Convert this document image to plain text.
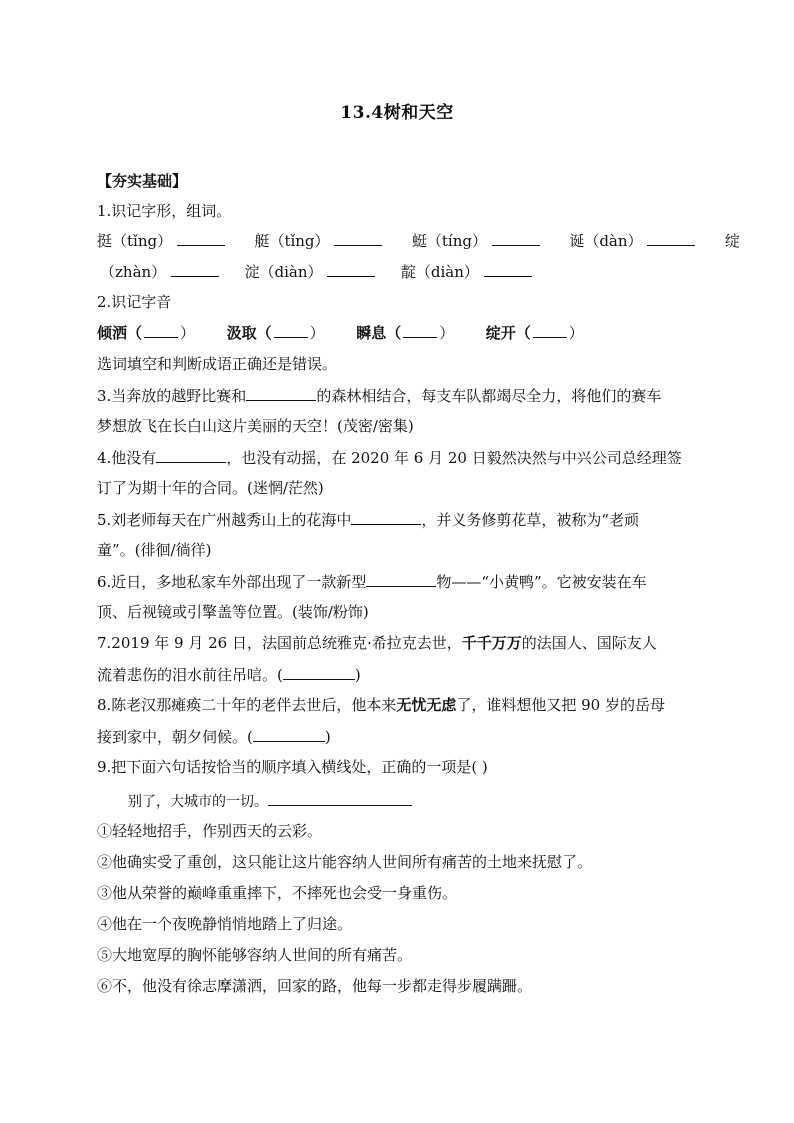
13.4树和天空
【夯实基础】
1.识记字形，组词。
挺（tǐng）	艇（tǐng）	蜓（tíng）	诞（dàn）	绽
（zhàn）	淀（diàn）	靛（diàn）
2.识记字音
倾洒（	） 汲取（	） 瞬息（	） 绽开（	）
选词填空和判断成语正确还是错误。
3.当奔放的越野比赛和	的森林相结合，每支车队都竭尽全力，将他们的赛车
梦想放飞在长白山这片美丽的天空！(茂密/密集)
4.他没有	，也没有动摇，在 2020 年 6 月 20 日毅然决然与中兴公司总经理签
订了为期十年的合同。(迷惘/茫然)
5.刘老师每天在广州越秀山上的花海中	，并义务修剪花草，被称为“老顽
童”。(徘徊/徜徉)
6.近日，多地私家车外部出现了一款新型	物——“小黄鸭”。它被安装在车
顶、后视镜或引擎盖等位置。(装饰/粉饰)
7.2019 年 9 月 26 日，法国前总统雅克·希拉克去世，千千万万的法国人、国际友人
流着悲伤的泪水前往吊唁。(	)
8.陈老汉那瘫痪二十年的老伴去世后，他本来无忧无虑了，谁料想他又把 90 岁的岳母
接到家中，朝夕伺候。(	)
9.把下面六句话按恰当的顺序填入横线处，正确的一项是( )
别了，大城市的一切。
①轻轻地招手，作别西天的云彩。
②他确实受了重创，这只能让这片能容纳人世间所有痛苦的土地来抚慰了。
③他从荣誉的巅峰重重摔下，不摔死也会受一身重伤。
④他在一个夜晚静悄悄地踏上了归途。
⑤大地宽厚的胸怀能够容纳人世间的所有痛苦。
⑥不，他没有徐志摩潇洒，回家的路，他每一步都走得步履蹒跚。
